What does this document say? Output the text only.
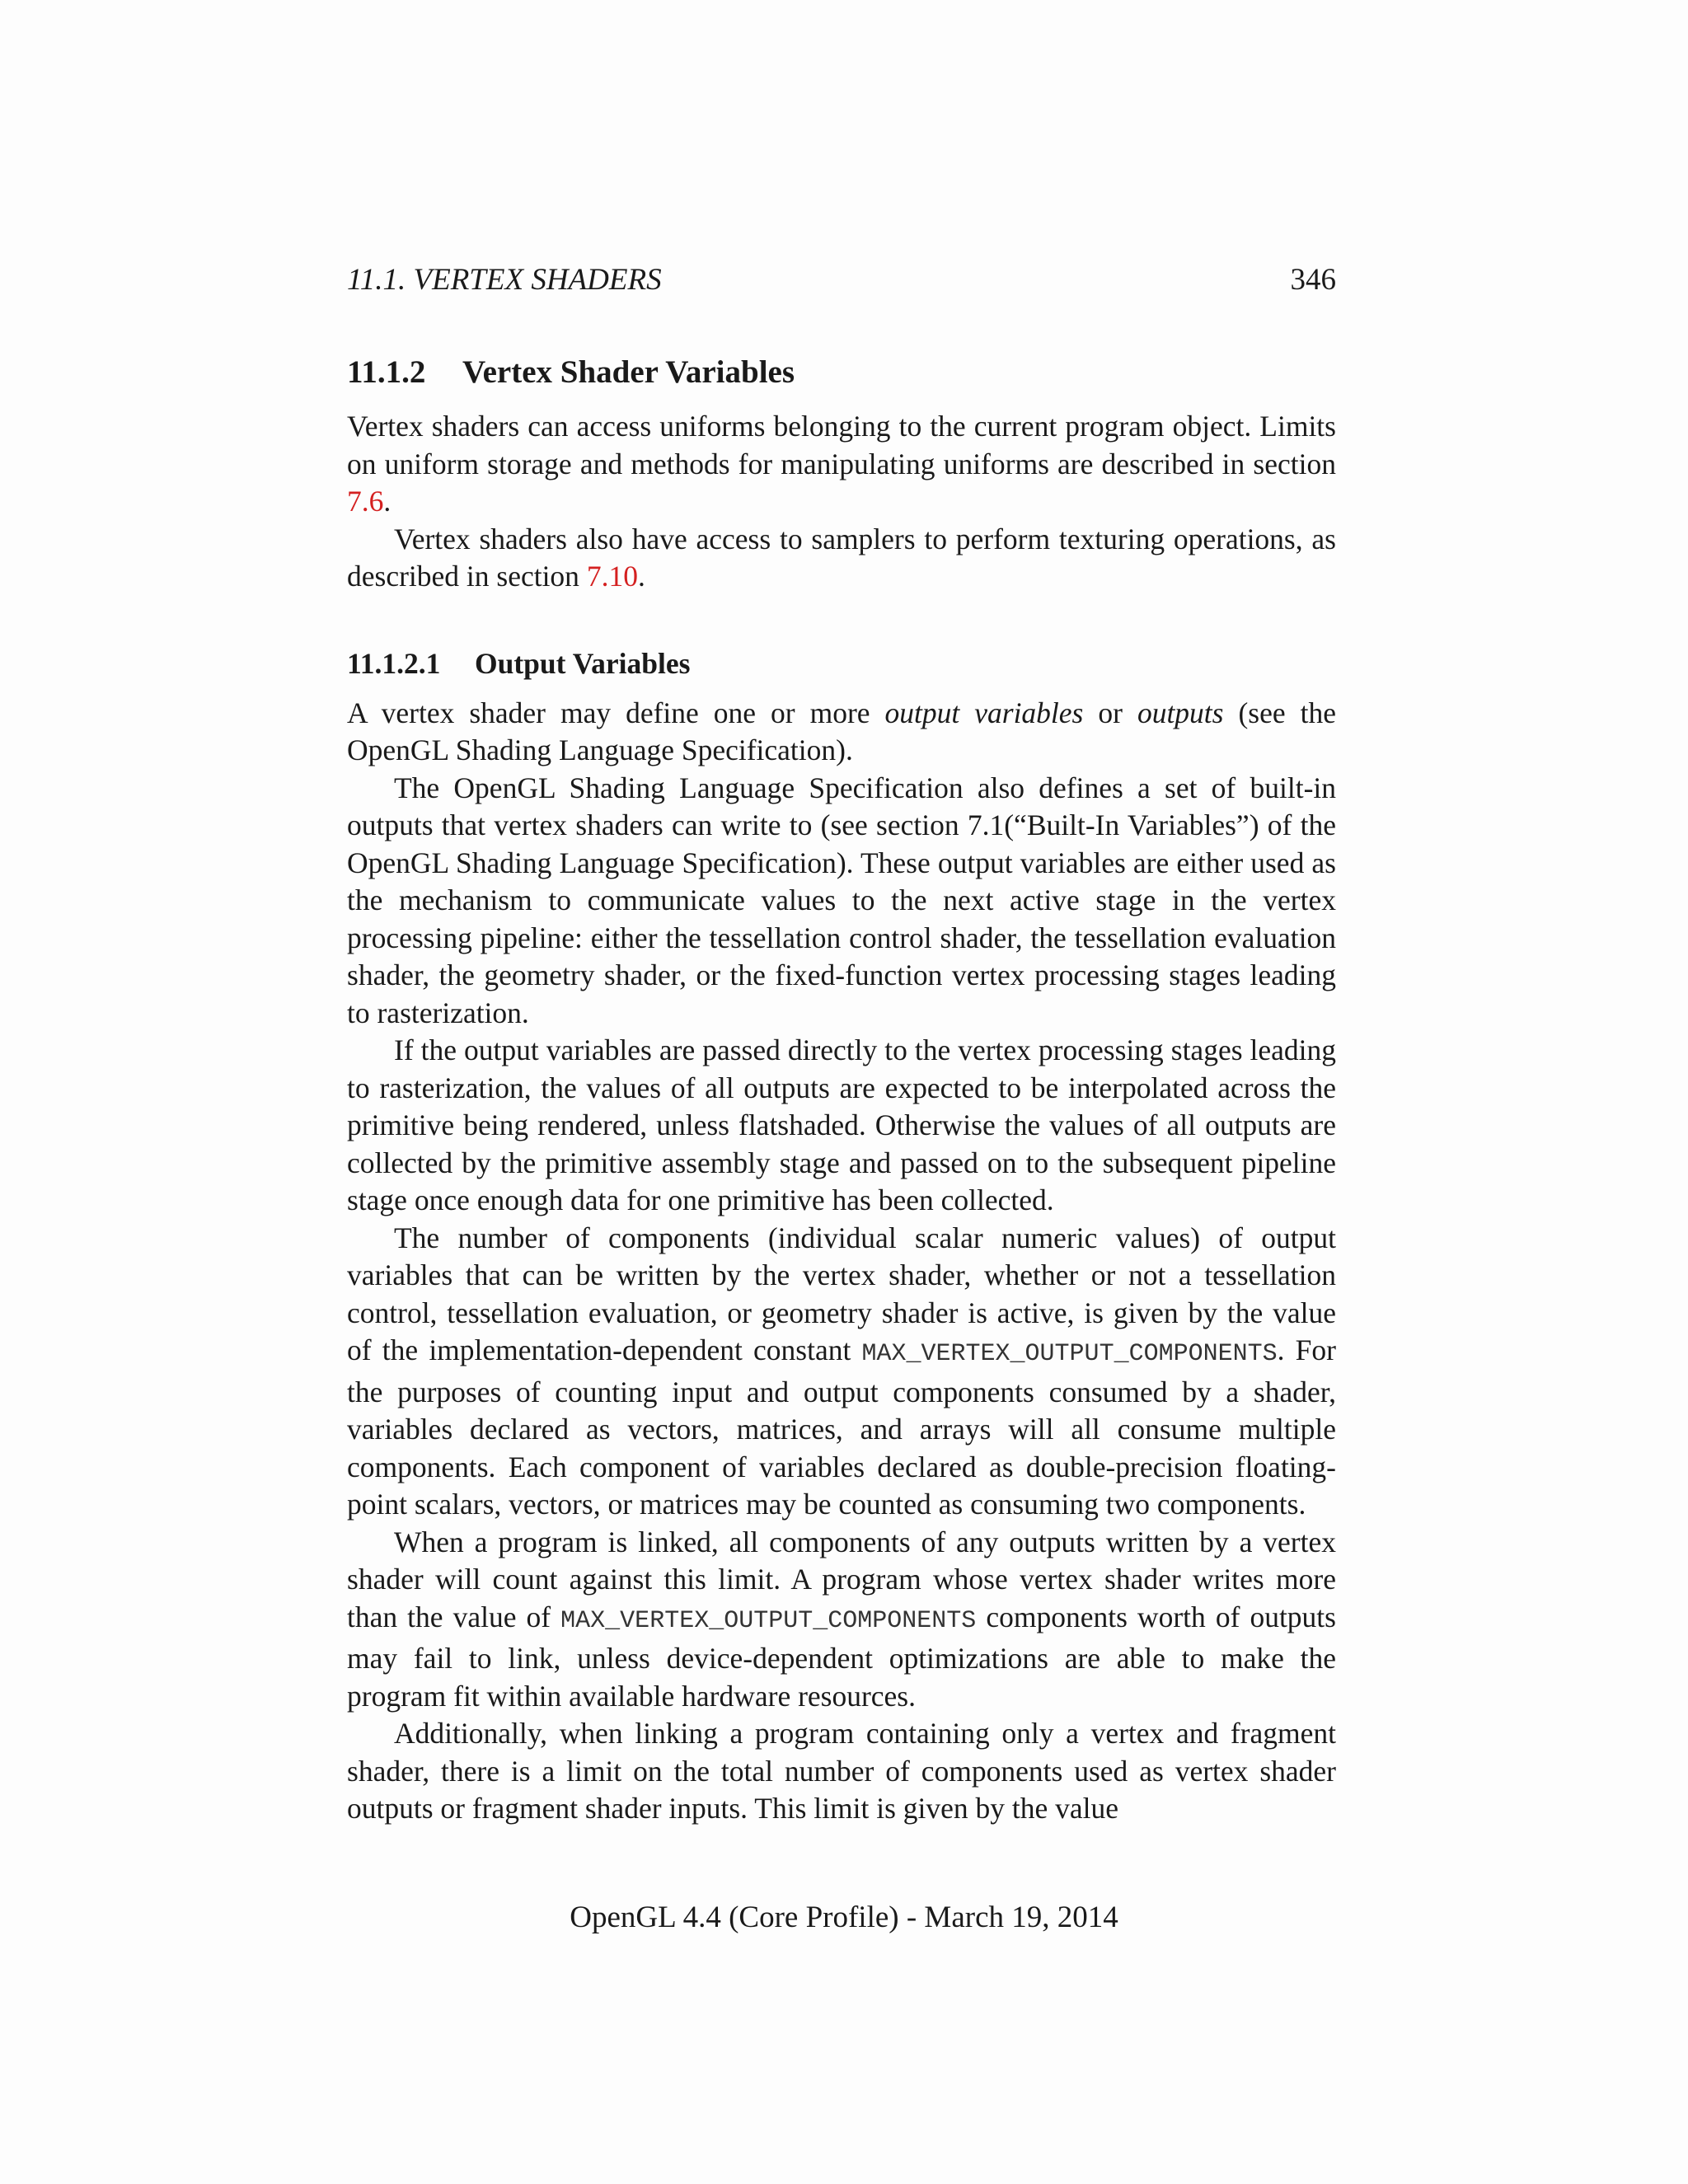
11.1. VERTEX SHADERS	346
11.1.2 Vertex Shader Variables

Vertex shaders can access uniforms belonging to the current program object. Limits on uniform storage and methods for manipulating uniforms are described in section 7.6.

Vertex shaders also have access to samplers to perform texturing operations, as described in section 7.10.

11.1.2.1 Output Variables

A vertex shader may define one or more output variables or outputs (see the OpenGL Shading Language Specification).

The OpenGL Shading Language Specification also defines a set of built-in outputs that vertex shaders can write to (see section 7.1(“Built-In Variables”) of the OpenGL Shading Language Specification). These output variables are either used as the mechanism to communicate values to the next active stage in the vertex processing pipeline: either the tessellation control shader, the tessellation evaluation shader, the geometry shader, or the fixed-function vertex processing stages leading to rasterization.

If the output variables are passed directly to the vertex processing stages leading to rasterization, the values of all outputs are expected to be interpolated across the primitive being rendered, unless flatshaded. Otherwise the values of all outputs are collected by the primitive assembly stage and passed on to the subsequent pipeline stage once enough data for one primitive has been collected.

The number of components (individual scalar numeric values) of output variables that can be written by the vertex shader, whether or not a tessellation control, tessellation evaluation, or geometry shader is active, is given by the value of the implementation-dependent constant MAX_VERTEX_OUTPUT_COMPONENTS. For the purposes of counting input and output components consumed by a shader, variables declared as vectors, matrices, and arrays will all consume multiple components. Each component of variables declared as double-precision floating-point scalars, vectors, or matrices may be counted as consuming two components.

When a program is linked, all components of any outputs written by a vertex shader will count against this limit. A program whose vertex shader writes more than the value of MAX_VERTEX_OUTPUT_COMPONENTS components worth of outputs may fail to link, unless device-dependent optimizations are able to make the program fit within available hardware resources.

Additionally, when linking a program containing only a vertex and fragment shader, there is a limit on the total number of components used as vertex shader outputs or fragment shader inputs. This limit is given by the value

OpenGL 4.4 (Core Profile) - March 19, 2014
